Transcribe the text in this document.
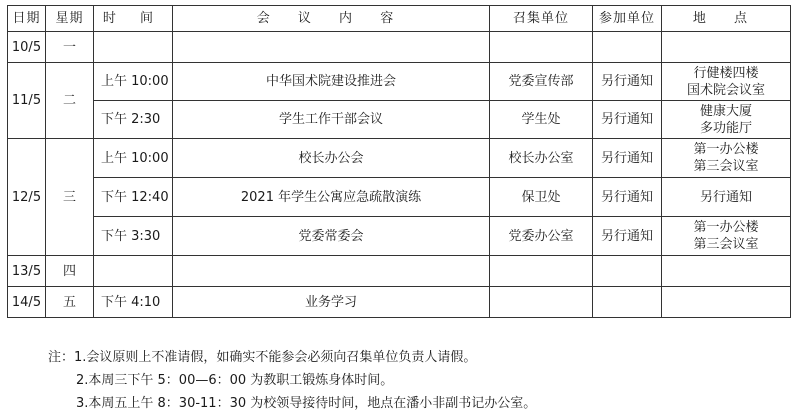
日期	星期	时 间	会 议 内 容	召集单位	参加单位	地 点
10/5	一					
11/5	二	上午 10:00	中华国术院建设推进会	党委宣传部	另行通知	行健楼四楼
国术院会议室

		下午 2:30	学生工作干部会议	学生处	另行通知	健康大厦
多功能厅

12/5	三	上午 10:00	校长办公会	校长办公室	另行通知	第一办公楼
第三会议室

		下午 12:40	2021 年学生公寓应急疏散演练	保卫处	另行通知	另行通知

		下午 3:30	党委常委会	党委办公室	另行通知	第一办公楼
第三会议室

13/5	四					
14/5	五	下午 4:10	业务学习			
注：1.会议原则上不准请假，如确实不能参会必须向召集单位负责人请假。
2.本周三下午 5：00—6：00 为教职工锻炼身体时间。
3.本周五上午 8：30-11：30 为校领导接待时间，地点在潘小非副书记办公室。
